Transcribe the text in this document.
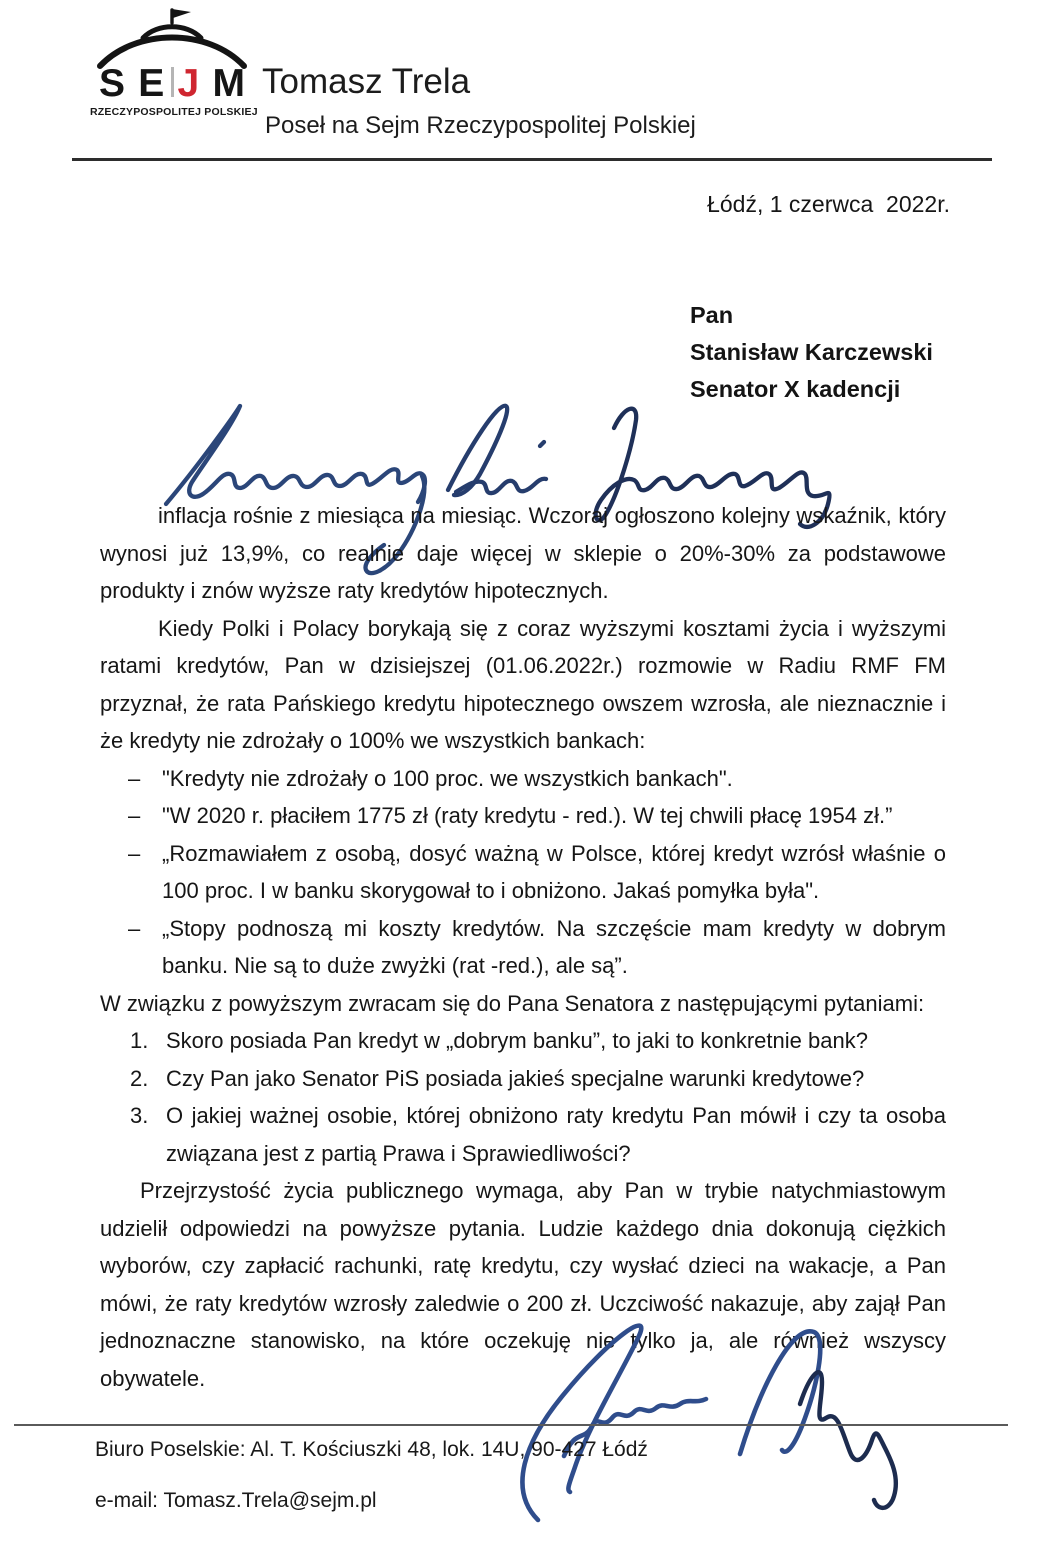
S E J M
RZECZYPOSPOLITEJ POLSKIEJ
Tomasz Trela
Poseł na Sejm Rzeczypospolitej Polskiej
Łódź, 1 czerwca  2022r.
Pan
Stanisław Karczewski
Senator X kadencji

inflacja rośnie z miesiąca na miesiąc. Wczoraj ogłoszono kolejny wskaźnik, który wynosi już 13,9%, co realnie daje więcej w sklepie o 20%-30% za podstawowe produkty i znów wyższe raty kredytów hipotecznych.

Kiedy Polki i Polacy borykają się z coraz wyższymi kosztami życia i wyższymi ratami kredytów, Pan w dzisiejszej (01.06.2022r.) rozmowie w Radiu RMF FM przyznał, że rata Pańskiego kredytu hipotecznego owszem wzrosła, ale nieznacznie i że kredyty nie zdrożały o 100% we wszystkich bankach:

– "Kredyty nie zdrożały o 100 proc. we wszystkich bankach".
– "W 2020 r. płaciłem 1775 zł (raty kredytu - red.). W tej chwili płacę 1954 zł.”
– „Rozmawiałem z osobą, dosyć ważną w Polsce, której kredyt wzrósł właśnie o 100 proc. I w banku skorygował to i obniżono. Jakaś pomyłka była".
– „Stopy podnoszą mi koszty kredytów. Na szczęście mam kredyty w dobrym banku. Nie są to duże zwyżki (rat -red.), ale są”.

W związku z powyższym zwracam się do Pana Senatora z następującymi pytaniami:

1. Skoro posiada Pan kredyt w „dobrym banku”, to jaki to konkretnie bank?
2. Czy Pan jako Senator PiS posiada jakieś specjalne warunki kredytowe?
3. O jakiej ważnej osobie, której obniżono raty kredytu Pan mówił i czy ta osoba związana jest z partią Prawa i Sprawiedliwości?

Przejrzystość życia publicznego wymaga, aby Pan w trybie natychmiastowym udzielił odpowiedzi na powyższe pytania. Ludzie każdego dnia dokonują ciężkich wyborów, czy zapłacić rachunki, ratę kredytu, czy wysłać dzieci na wakacje, a Pan mówi, że raty kredytów wzrosły zaledwie o 200 zł. Uczciwość nakazuje, aby zajął Pan jednoznaczne stanowisko, na które oczekuję nie tylko ja, ale również wszyscy obywatele.

Biuro Poselskie: Al. T. Kościuszki 48, lok. 14U, 90-427 Łódź
e-mail: Tomasz.Trela@sejm.pl
